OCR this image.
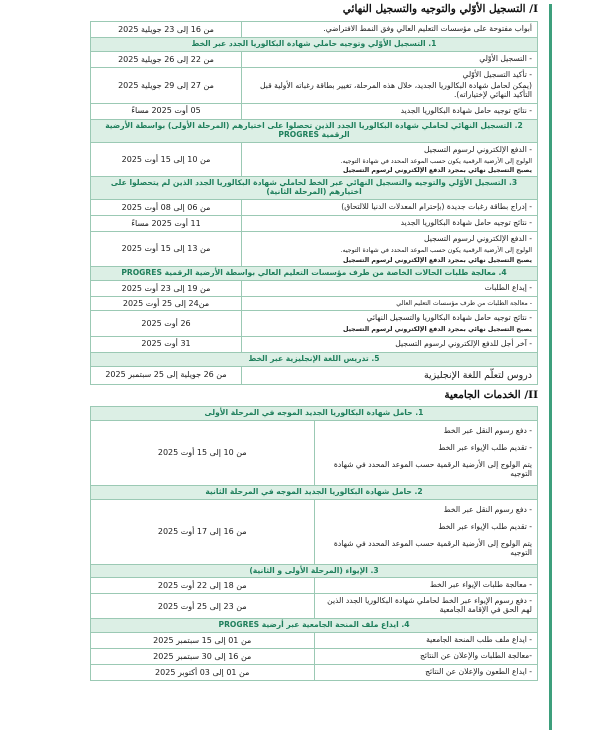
I/ التسجيل الأوّلي والتوجيه والتسجيل النهائي
أبواب مفتوحة على مؤسسات التعليم العالي وفق النمط الافتراضي.	من 16 إلى 23 جويلية 2025
1. التسجيل الأوّلي وتوجيه حاملي شهادة البكالوريا الجدد عبر الخط	

- التسجيل الأوّلي	من 22 إلى 26 جويلية 2025

- تأكيد التسجيل الأوّلي
(يمكن لحامل شهادة البكالوريا الجديد، خلال هذه المرحلة، تغيير بطاقة رغباته الأولية قبل التأكيد النهائي لإختياراته).	من 27 إلى 29 جويلية 2025

- نتائج توجيه حامل شهادة البكالوريا الجديد	05 أوت 2025 مساءً
2. التسجيل النهائي لحاملي شهادة البكالوريا الجدد الذين تحصلوا على اختيارهم (المرحلة الأولى) بواسطة الأرضية الرقمية PROGRES	

- الدفع الإلكتروني لرسوم التسجيل
الولوج إلى الأرضية الرقمية يكون حسب الموعد المحدد في شهادة التوجيه.
يصبح التسجيل نهائي بمجرد الدفع الإلكتروني لرسوم التسجيل	من 10 إلى 15 أوت 2025
3. التسجيل الأوّلي والتوجيه والتسجيل النهائي عبر الخط لحاملي شهادة البكالوريا الجدد الذين لم يتحصلوا على اختيارهم (المرحلة الثانية)	

- إدراج بطاقة رغبات جديدة (بإحترام المعدلات الدنيا للالتحاق)	من 06 إلى 08 أوت 2025

- نتائج توجيه حامل شهادة البكالوريا الجديد	11 أوت 2025 مساءً

- الدفع الإلكتروني لرسوم التسجيل
الولوج إلى الأرضية الرقمية يكون حسب الموعد المحدد في شهادة التوجيه.
يصبح التسجيل نهائي بمجرد الدفع الإلكتروني لرسوم التسجيل	من 13 إلى 15 أوت 2025
4. معالجة طلبات الحالات الخاصة من طرف مؤسسات التعليم العالي بواسطة الأرضية الرقمية PROGRES	

- إيداع الطلبات	من 19 إلى 23 أوت 2025

- معالجة الطلبات من طرف مؤسسات التعليم العالي	من24 إلى 25 أوت 2025

- نتائج توجيه حامل شهادة البكالوريا والتسجيل النهائي
يصبح التسجيل نهائي بمجرد الدفع الإلكتروني لرسوم التسجيل	26 أوت 2025

- آخر أجل للدفع الإلكتروني لرسوم التسجيل	31 أوت 2025
5. تدريس اللغة الإنجليزية عبر الخط	

دروس لتعلّم اللغة الإنجليزية	من 26 جويلية إلى 25 سبتمبر 2025
II/ الخدمات الجامعية
1. حامل شهادة البكالوريا الجديد الموجه في المرحلة الأولى	

- دفع رسوم النقل عبر الخط
- تقديم طلب الإيواء عبر الخط
يتم الولوج إلى الأرضية الرقمية حسب الموعد المحدد في شهادة التوجيه	من 10 إلى 15 أوت 2025
2. حامل شهادة البكالوريا الجديد الموجه في المرحلة الثانية	

- دفع رسوم النقل عبر الخط
- تقديم طلب الإيواء عبر الخط
يتم الولوج إلى الأرضية الرقمية حسب الموعد المحدد في شهادة التوجيه	من 16 إلى 17 أوت 2025
3. الإيواء (المرحلة الأولى و الثانية)	

- معالجة طلبات الإيواء عبر الخط	من 18 إلى 22 أوت 2025

- دفع رسوم الإيواء عبر الخط لحاملي شهادة البكالوريا الجدد الذين لهم الحق في الإقامة الجامعية	من 23 إلى 25 أوت 2025
4. ايداع ملف المنحة الجامعية عبر أرضية PROGRES	

- ايداع ملف طلب المنحة الجامعية	من 01 إلى 15 سبتمبر 2025

-معالجة الطلبات والإعلان عن النتائج	من 16 إلى 30 سبتمبر 2025

- ايداع الطعون والإعلان عن النتائج	من 01 إلى 03 أكتوبر 2025
